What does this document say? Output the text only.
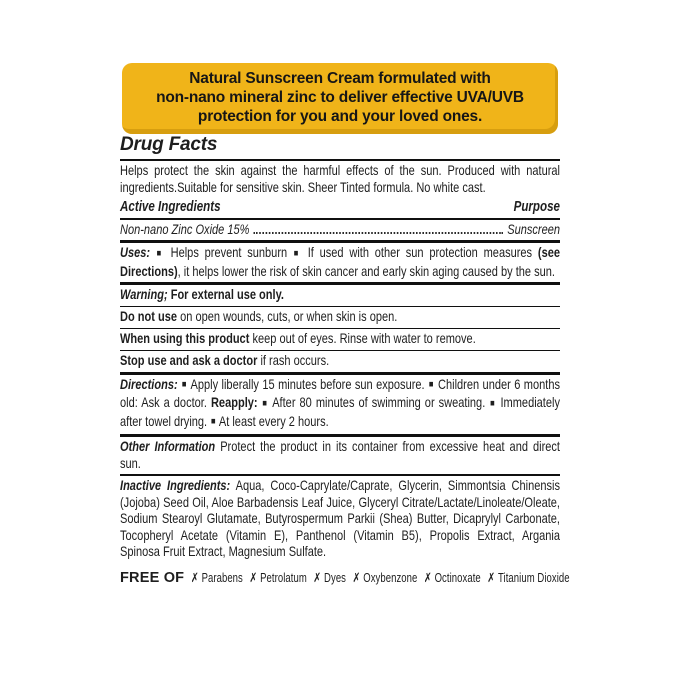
Natural Sunscreen Cream formulated with
non-nano mineral zinc to deliver effective UVA/UVB
protection for you and your loved ones.
Drug Facts

Helps protect the skin against the harmful effects of the sun. Produced with natural ingredients.Suitable for sensitive skin. Sheer Tinted formula. No white cast.

Active Ingredients	Purpose
Non-nano Zinc Oxide 15%	Sunscreen

Uses: ■ Helps prevent sunburn ■ If used with other sun protection measures (see Directions), it helps lower the risk of skin cancer and early skin aging caused by the sun.

Warning; For external use only.

Do not use on open wounds, cuts, or when skin is open.

When using this product keep out of eyes. Rinse with water to remove.

Stop use and ask a doctor if rash occurs.

Directions: ■ Apply liberally 15 minutes before sun exposure. ■ Children under 6 months old: Ask a doctor. Reapply: ■ After 80 minutes of swimming or sweating. ■ Immediately after towel drying. ■ At least every 2 hours.

Other Information Protect the product in its container from excessive heat and direct sun.

Inactive Ingredients: Aqua, Coco-Caprylate/Caprate, Glycerin, Simmontsia Chinensis (Jojoba) Seed Oil, Aloe Barbadensis Leaf Juice, Glyceryl Citrate/Lactate/Linoleate/Oleate, Sodium Stearoyl Glutamate, Butyrospermum Parkii (Shea) Butter, Dicaprylyl Carbonate, Tocopheryl Acetate (Vitamin E), Panthenol (Vitamin B5), Propolis Extract, Argania Spinosa Fruit Extract, Magnesium Sulfate.

FREE OF ✗ Parabens ✗ Petrolatum ✗ Dyes ✗ Oxybenzone ✗ Octinoxate ✗ Titanium Dioxide
